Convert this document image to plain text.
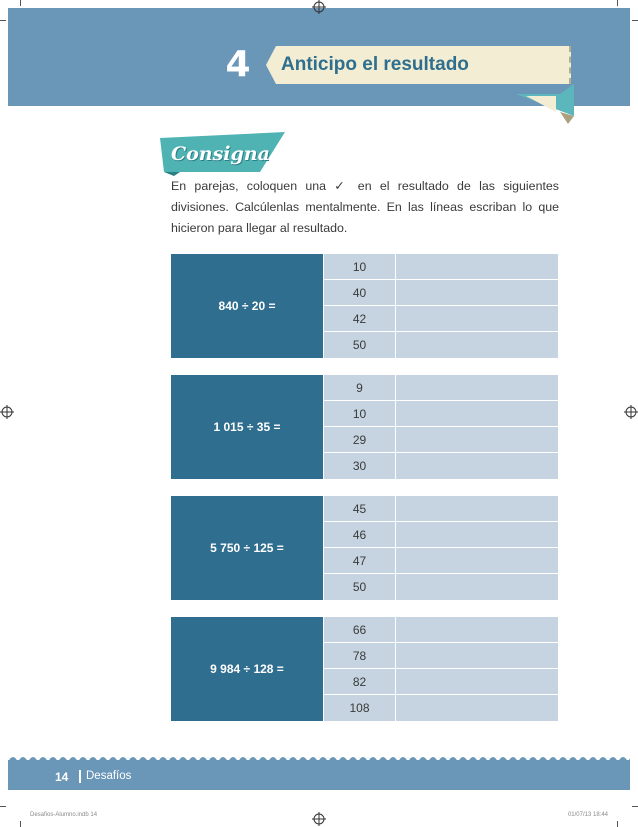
4	Anticipo el resultado
Consigna
En parejas, coloquen una ✓ en el resultado de las siguientes divisiones. Calcúlenlas mentalmente. En las líneas escriban lo que hicieron para llegar al resultado.
840 ÷ 20 =
10
40
42
50
1 015 ÷ 35 =
9
10
29
30
5 750 ÷ 125 =
45
46
47
50
9 984 ÷ 128 =
66
78
82
108
14 Desafíos
Desafios-Alumno.indb 14	01/07/13 18:44
